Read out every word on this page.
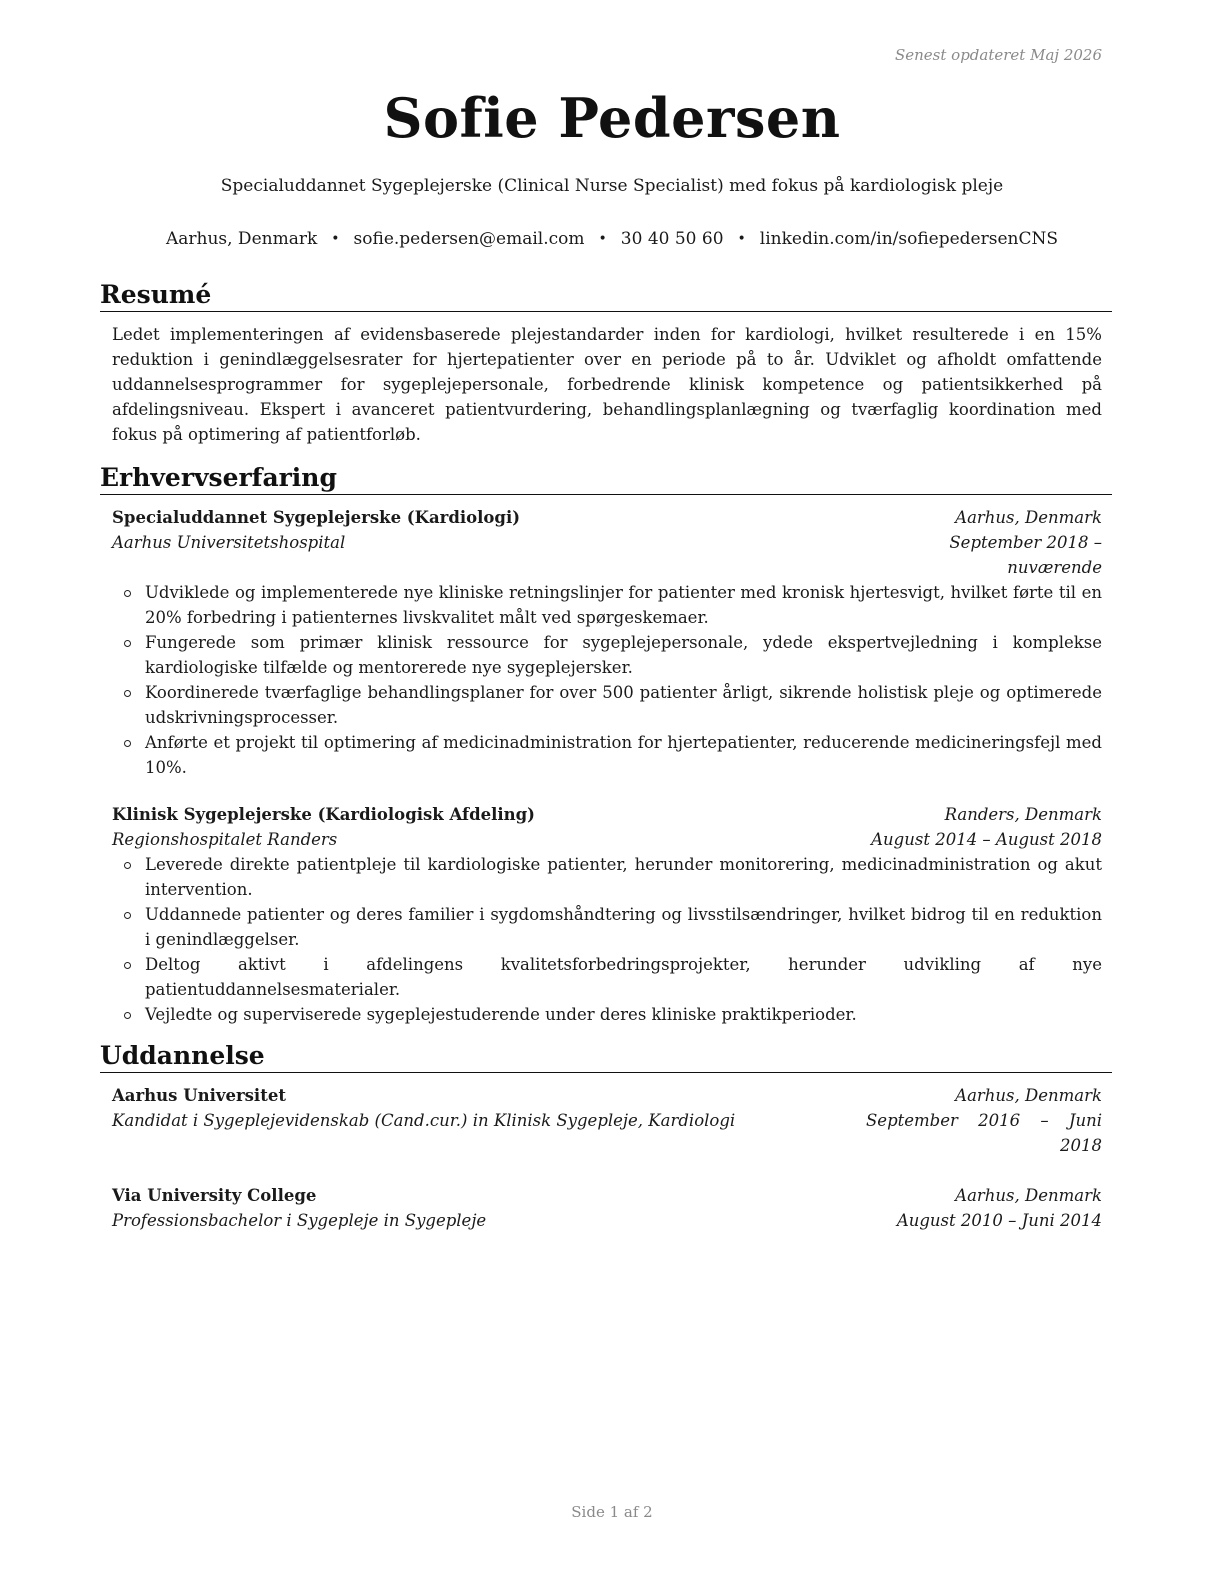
Senest opdateret Maj 2026
Sofie Pedersen
Specialuddannet Sygeplejerske (Clinical Nurse Specialist) med fokus på kardiologisk pleje
Aarhus, Denmark • sofie.pedersen@email.com • 30 40 50 60 • linkedin.com/in/sofiepedersenCNS
Resumé
Ledet implementeringen af evidensbaserede plejestandarder inden for kardiologi, hvilket resulterede i en 15% reduktion i genindlæggelsesrater for hjertepatienter over en periode på to år. Udviklet og afholdt omfattende uddannelsesprogrammer for sygeplejepersonale, forbedrende klinisk kompetence og patientsikkerhed på afdelingsniveau. Ekspert i avanceret patientvurdering, behandlingsplanlægning og tværfaglig koordination med fokus på optimering af patientforløb.
Erhvervserfaring
Specialuddannet Sygeplejerske (Kardiologi)	Aarhus, Denmark
Aarhus Universitetshospital	September 2018 – nuværende
Udviklede og implementerede nye kliniske retningslinjer for patienter med kronisk hjertesvigt, hvilket førte til en 20% forbedring i patienternes livskvalitet målt ved spørgeskemaer.
Fungerede som primær klinisk ressource for sygeplejepersonale, ydede ekspertvejledning i komplekse kardiologiske tilfælde og mentorerede nye sygeplejersker.
Koordinerede tværfaglige behandlingsplaner for over 500 patienter årligt, sikrende holistisk pleje og optimerede udskrivningsprocesser.
Anførte et projekt til optimering af medicinadministration for hjertepatienter, reducerende medicineringsfejl med 10%.
Klinisk Sygeplejerske (Kardiologisk Afdeling)	Randers, Denmark
Regionshospitalet Randers	August 2014 – August 2018
Leverede direkte patientpleje til kardiologiske patienter, herunder monitorering, medicinadministration og akut intervention.
Uddannede patienter og deres familier i sygdomshåndtering og livsstilsændringer, hvilket bidrog til en reduktion i genindlæggelser.
Deltog aktivt i afdelingens kvalitetsforbedringsprojekter, herunder udvikling af nye patientuddannelsesmaterialer.
Vejledte og superviserede sygeplejestuderende under deres kliniske praktikperioder.
Uddannelse
Aarhus Universitet	Aarhus, Denmark
Kandidat i Sygeplejevidenskab (Cand.cur.) in Klinisk Sygepleje, Kardiologi	September 2016 – Juni 2018
Via University College	Aarhus, Denmark
Professionsbachelor i Sygepleje in Sygepleje	August 2010 – Juni 2014
Side 1 af 2
